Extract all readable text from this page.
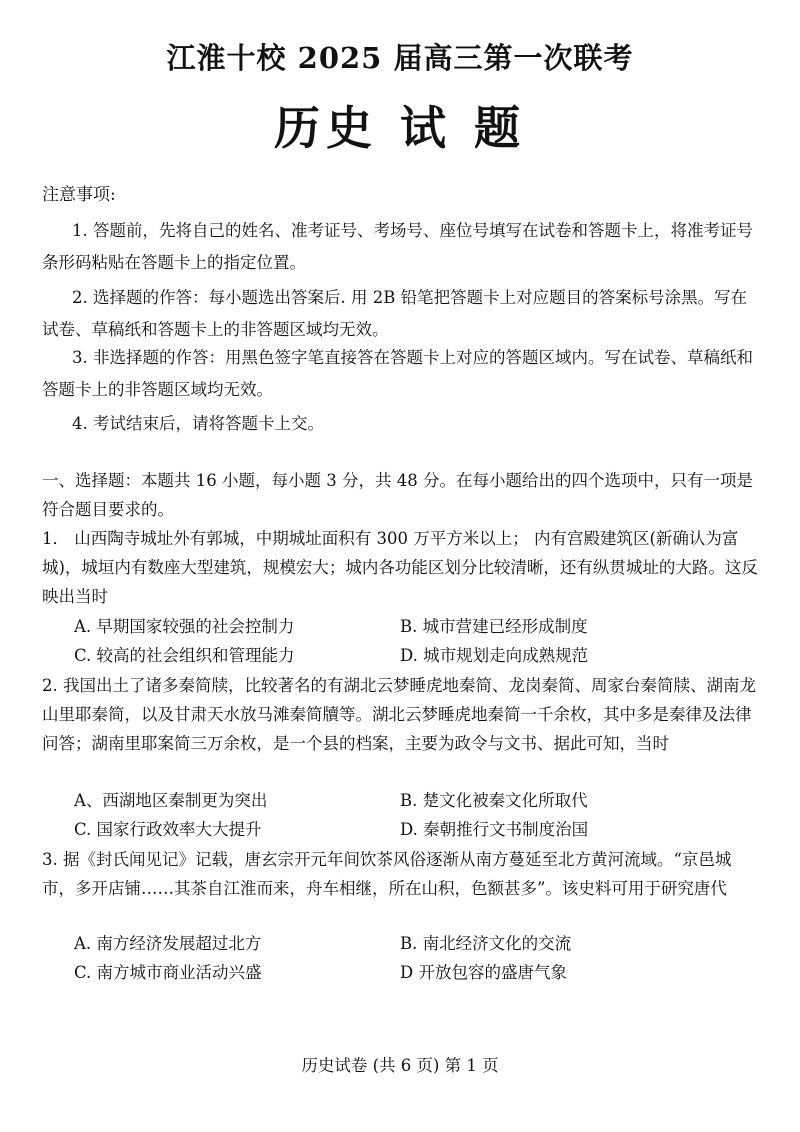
江淮十校 2025 届高三第一次联考
历史 试 题
注意事项:
1. 答题前，先将自己的姓名、准考证号、考场号、座位号填写在试卷和答题卡上，将准考证号条形码粘贴在答题卡上的指定位置。
2. 选择题的作答：每小题选出答案后. 用 2B 铅笔把答题卡上对应题目的答案标号涂黑。写在试卷、草稿纸和答题卡上的非答题区域均无效。
3. 非选择题的作答：用黑色签字笔直接答在答题卡上对应的答题区域内。写在试卷、草稿纸和答题卡上的非答题区域均无效。
4. 考试结束后，请将答题卡上交。
一、选择题：本题共 16 小题，每小题 3 分，共 48 分。在每小题给出的四个选项中，只有一项是符合题目要求的。
1． 山西陶寺城址外有郭城，中期城址面积有 300 万平方米以上； 内有宫殿建筑区(新确认为富城)，城垣内有数座大型建筑，规模宏大；城内各功能区划分比较清晰，还有纵贯城址的大路。这反映出当时
A. 早期国家较强的社会控制力	B. 城市营建已经形成制度
C. 较高的社会组织和管理能力	D. 城市规划走向成熟规范
2. 我国出土了诸多秦简牍，比较著名的有湖北云梦睡虎地秦简、龙岗秦简、周家台秦简牍、湖南龙山里耶秦简，以及甘肃天水放马滩秦简牘等。湖北云梦睡虎地秦简一千余枚，其中多是秦律及法律问答；湖南里耶案简三万余枚，是一个县的档案，主要为政令与文书、据此可知，当时
A、西湖地区秦制更为突出	B. 楚文化被秦文化所取代
C. 国家行政效率大大提升	D. 秦朝推行文书制度治国
3. 据《封氏闻见记》记载，唐玄宗开元年间饮茶风俗逐渐从南方蔓延至北方黄河流域。“京邑城市，多开店铺……其茶自江淮而来，舟车相继，所在山积，色额甚多”。该史料可用于研究唐代
A. 南方经济发展超过北方	B. 南北经济文化的交流
C. 南方城市商业活动兴盛	D 开放包容的盛唐气象
历史试卷 (共 6 页) 第 1 页
